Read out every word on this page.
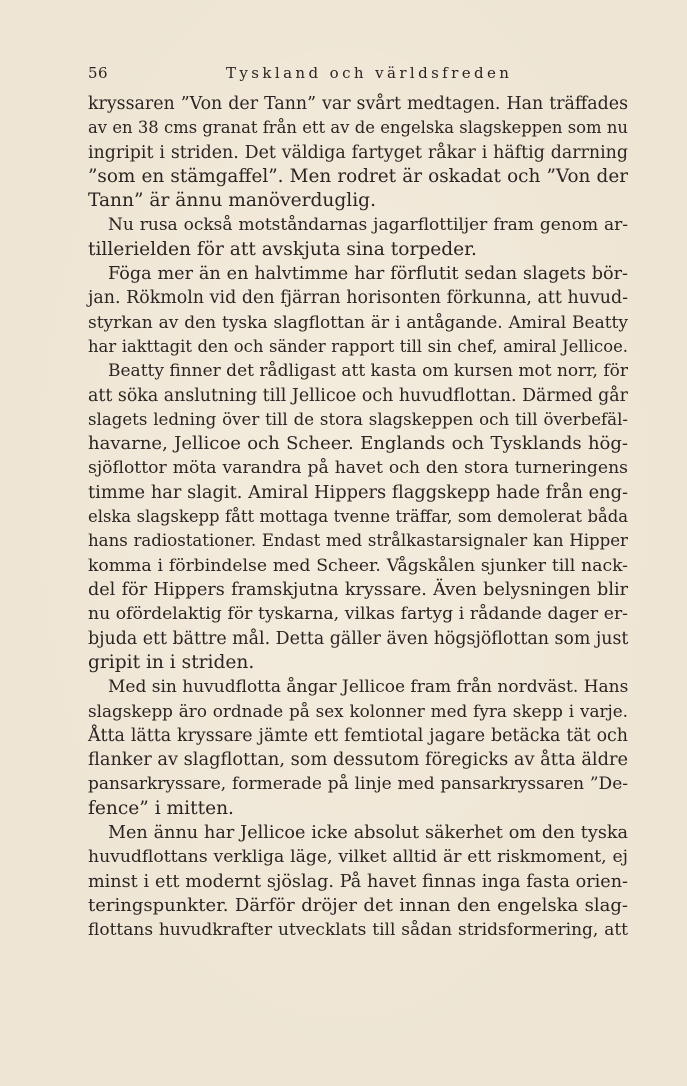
56	Tyskland och världsfreden
kryssaren ”Von der Tann” var svårt medtagen. Han träffades
av en 38 cms granat från ett av de engelska slagskeppen som nu
ingripit i striden. Det väldiga fartyget råkar i häftig darrning
”som en stämgaffel”. Men rodret är oskadat och ”Von der
Tann” är ännu manöverduglig.
Nu rusa också motståndarnas jagarflottiljer fram genom ar-
tillerielden för att avskjuta sina torpeder.
Föga mer än en halvtimme har förflutit sedan slagets bör-
jan. Rökmoln vid den fjärran horisonten förkunna, att huvud-
styrkan av den tyska slagflottan är i antågande. Amiral Beatty
har iakttagit den och sänder rapport till sin chef, amiral Jellicoe.
Beatty finner det rådligast att kasta om kursen mot norr, för
att söka anslutning till Jellicoe och huvudflottan. Därmed går
slagets ledning över till de stora slagskeppen och till överbefäl-
havarne, Jellicoe och Scheer. Englands och Tysklands hög-
sjöflottor möta varandra på havet och den stora turneringens
timme har slagit. Amiral Hippers flaggskepp hade från eng-
elska slagskepp fått mottaga tvenne träffar, som demolerat båda
hans radiostationer. Endast med strålkastarsignaler kan Hipper
komma i förbindelse med Scheer. Vågskålen sjunker till nack-
del för Hippers framskjutna kryssare. Även belysningen blir
nu ofördelaktig för tyskarna, vilkas fartyg i rådande dager er-
bjuda ett bättre mål. Detta gäller även högsjöflottan som just
gripit in i striden.
Med sin huvudflotta ångar Jellicoe fram från nordväst. Hans
slagskepp äro ordnade på sex kolonner med fyra skepp i varje.
Åtta lätta kryssare jämte ett femtiotal jagare betäcka tät och
flanker av slagflottan, som dessutom föregicks av åtta äldre
pansarkryssare, formerade på linje med pansarkryssaren ”De-
fence” i mitten.
Men ännu har Jellicoe icke absolut säkerhet om den tyska
huvudflottans verkliga läge, vilket alltid är ett riskmoment, ej
minst i ett modernt sjöslag. På havet finnas inga fasta orien-
teringspunkter. Därför dröjer det innan den engelska slag-
flottans huvudkrafter utvecklats till sådan stridsformering, att
